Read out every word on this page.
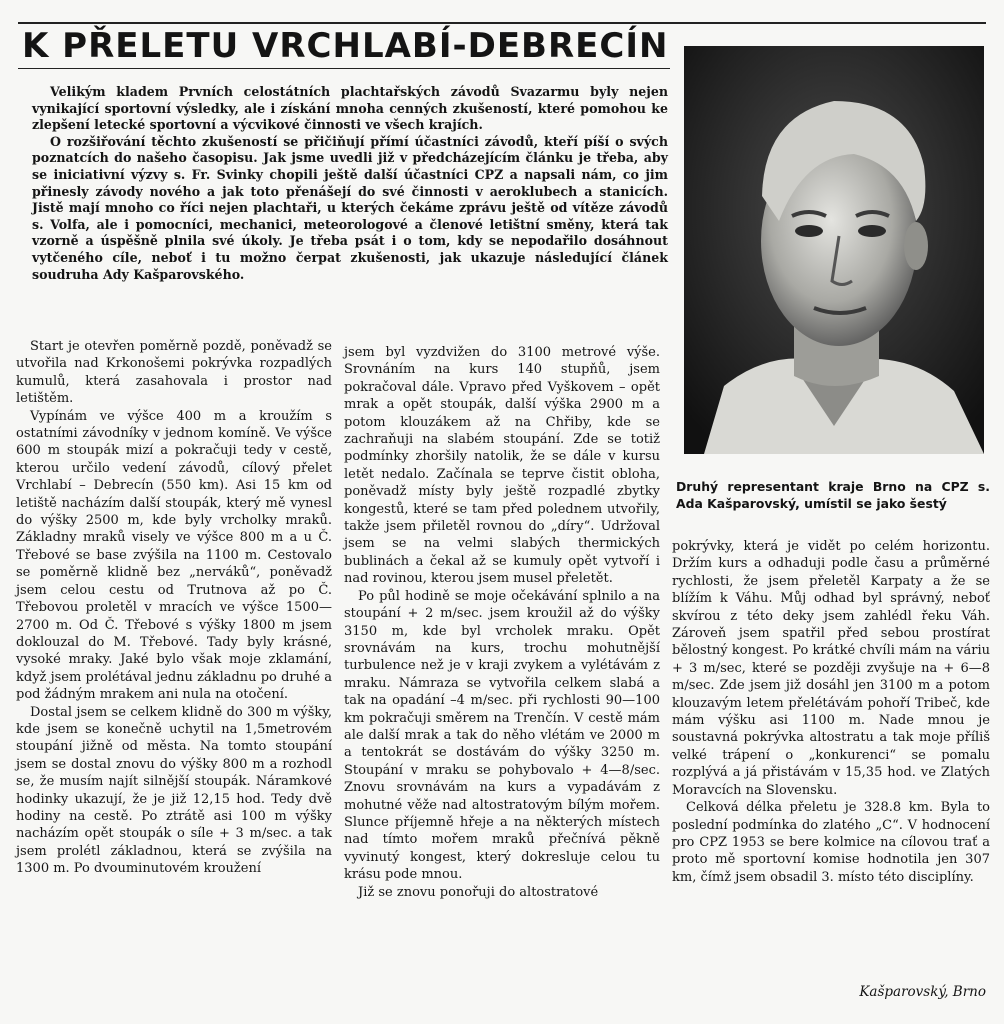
K PŘELETU VRCHLABÍ-DEBRECÍN

Velikým kladem Prvních celostátních plachtařských závodů Svazarmu byly nejen vynikající sportovní výsledky, ale i získání mnoha cenných zkušeností, které pomohou ke zlepšení letecké sportovní a výcvikové činnosti ve všech krajích.

O rozšiřování těchto zkušeností se přičiňují přímí účastníci závodů, kteří píší o svých poznatcích do našeho časopisu. Jak jsme uvedli již v předcházejícím článku je třeba, aby se iniciativní výzvy s. Fr. Svinky chopili ještě další účastníci CPZ a napsali nám, co jim přinesly závody nového a jak toto přenášejí do své činnosti v aeroklubech a stanicích. Jistě mají mnoho co říci nejen plachtaři, u kterých čekáme zprávu ještě od vítěze závodů s. Volfa, ale i pomocníci, mechanici, meteorologové a členové letištní směny, která tak vzorně a úspěšně plnila své úkoly. Je třeba psát i o tom, kdy se nepodařilo dosáhnout vytčeného cíle, neboť i tu možno čerpat zkušenosti, jak ukazuje následující článek soudruha Ady Kašparovského.

Druhý representant kraje Brno na CPZ s. Ada Kašparovský, umístil se jako šestý

Start je otevřen poměrně pozdě, poněvadž se utvořila nad Krkonošemi pokrývka rozpadlých kumulů, která zasahovala i prostor nad letištěm.

Vypínám ve výšce 400 m a kroužím s ostatními závodníky v jednom komíně. Ve výšce 600 m stoupák mizí a pokračuji tedy v cestě, kterou určilo vedení závodů, cílový přelet Vrchlabí – Debrecín (550 km). Asi 15 km od letiště nacházím další stoupák, který mě vynesl do výšky 2500 m, kde byly vrcholky mraků. Základny mraků visely ve výšce 800 m a u Č. Třebové se base zvýšila na 1100 m. Cestovalo se poměrně klidně bez „nerváků“, poněvadž jsem celou cestu od Trutnova až po Č. Třebovou proletěl v mracích ve výšce 1500—2700 m. Od Č. Třebové s výšky 1800 m jsem doklouzal do M. Třebové. Tady byly krásné, vysoké mraky. Jaké bylo však moje zklamání, když jsem prolétával jednu základnu po druhé a pod žádným mrakem ani nula na otočení.

Dostal jsem se celkem klidně do 300 m výšky, kde jsem se konečně uchytil na 1,5metrovém stoupání jižně od města. Na tomto stoupání jsem se dostal znovu do výšky 800 m a rozhodl se, že musím najít silnější stoupák. Náramkové hodinky ukazují, že je již 12,15 hod. Tedy dvě hodiny na cestě. Po ztrátě asi 100 m výšky nacházím opět stoupák o síle + 3 m/sec. a tak jsem prolétl základnou, která se zvýšila na 1300 m. Po dvouminutovém kroužení

jsem byl vyzdvižen do 3100 metrové výše. Srovnáním na kurs 140 stupňů, jsem pokračoval dále. Vpravo před Vyškovem – opět mrak a opět stoupák, další výška 2900 m a potom klouzákem až na Chřiby, kde se zachraňuji na slabém stoupání. Zde se totiž podmínky zhoršily natolik, že se dále v kursu letět nedalo. Začínala se teprve čistit obloha, poněvadž místy byly ještě rozpadlé zbytky kongestů, které se tam před polednem utvořily, takže jsem přiletěl rovnou do „díry“. Udržoval jsem se na velmi slabých thermických bublinách a čekal až se kumuly opět vytvoří i nad rovinou, kterou jsem musel přeletět.

Po půl hodině se moje očekávání splnilo a na stoupání + 2 m/sec. jsem kroužil až do výšky 3150 m, kde byl vrcholek mraku. Opět srovnávám na kurs, trochu mohutnější turbulence než je v kraji zvykem a vylétávám z mraku. Námraza se vytvořila celkem slabá a tak na opadání –4 m/sec. při rychlosti 90—100 km pokračuji směrem na Trenčín. V cestě mám ale další mrak a tak do něho vlétám ve 2000 m a tentokrát se dostávám do výšky 3250 m. Stoupání v mraku se pohybovalo + 4—8/sec. Znovu srovnávám na kurs a vypadávám z mohutné věže nad altostratovým bílým mořem. Slunce příjemně hřeje a na některých místech nad tímto mořem mraků přečnívá pěkně vyvinutý kongest, který dokresluje celou tu krásu pode mnou.

Již se znovu ponořuji do altostratové

pokrývky, která je vidět po celém horizontu. Držím kurs a odhaduji podle času a průměrné rychlosti, že jsem přeletěl Karpaty a že se blížím k Váhu. Můj odhad byl správný, neboť skvírou z této deky jsem zahlédl řeku Váh. Zároveň jsem spatřil před sebou prostírat bělostný kongest. Po krátké chvíli mám na váriu + 3 m/sec, které se později zvyšuje na + 6—8 m/sec. Zde jsem již dosáhl jen 3100 m a potom klouzavým letem přelétávám pohoří Tribeč, kde mám výšku asi 1100 m. Nade mnou je soustavná pokrývka altostratu a tak moje příliš velké trápení o „konkurenci“ se pomalu rozplývá a já přistávám v 15,35 hod. ve Zlatých Moravcích na Slovensku.

Celková délka přeletu je 328.8 km. Byla to poslední podmínka do zlatého „C“. V hodnocení pro CPZ 1953 se bere kolmice na cílovou trať a proto mě sportovní komise hodnotila jen 307 km, čímž jsem obsadil 3. místo této disciplíny.

Kašparovský, Brno
